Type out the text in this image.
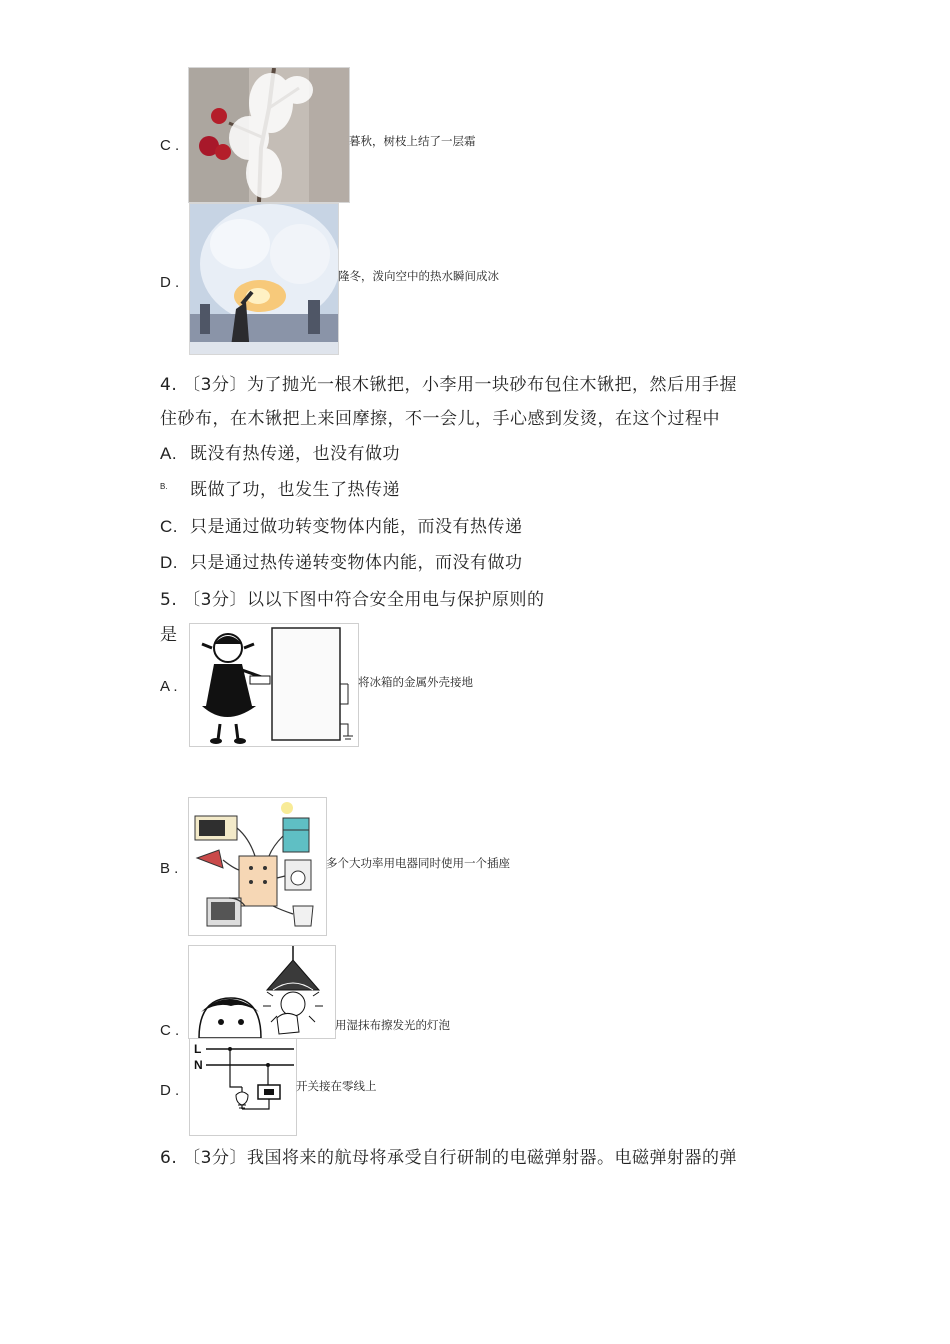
C .	暮秋，树枝上结了一层霜
D .	隆冬，泼向空中的热水瞬间成冰
4. 〔3分〕为了抛光一根木锹把，小李用一块砂布包住木锹把，然后用手握
住砂布，在木锹把上来回摩擦，不一会儿，手心感到发烫，在这个过程中
A. 既没有热传递，也没有做功
B. 既做了功，也发生了热传递
C. 只是通过做功转变物体内能，而没有热传递
D. 只是通过热传递转变物体内能，而没有做功
5. 〔3分〕以以下图中符合安全用电与保护原则的
是
A .	将冰箱的金属外壳接地
B .	多个大功率用电器同时使用一个插座
C .	用湿抹布擦发光的灯泡
D .
L
N
开关接在零线上
6. 〔3分〕我国将来的航母将承受自行研制的电磁弹射器。电磁弹射器的弹
